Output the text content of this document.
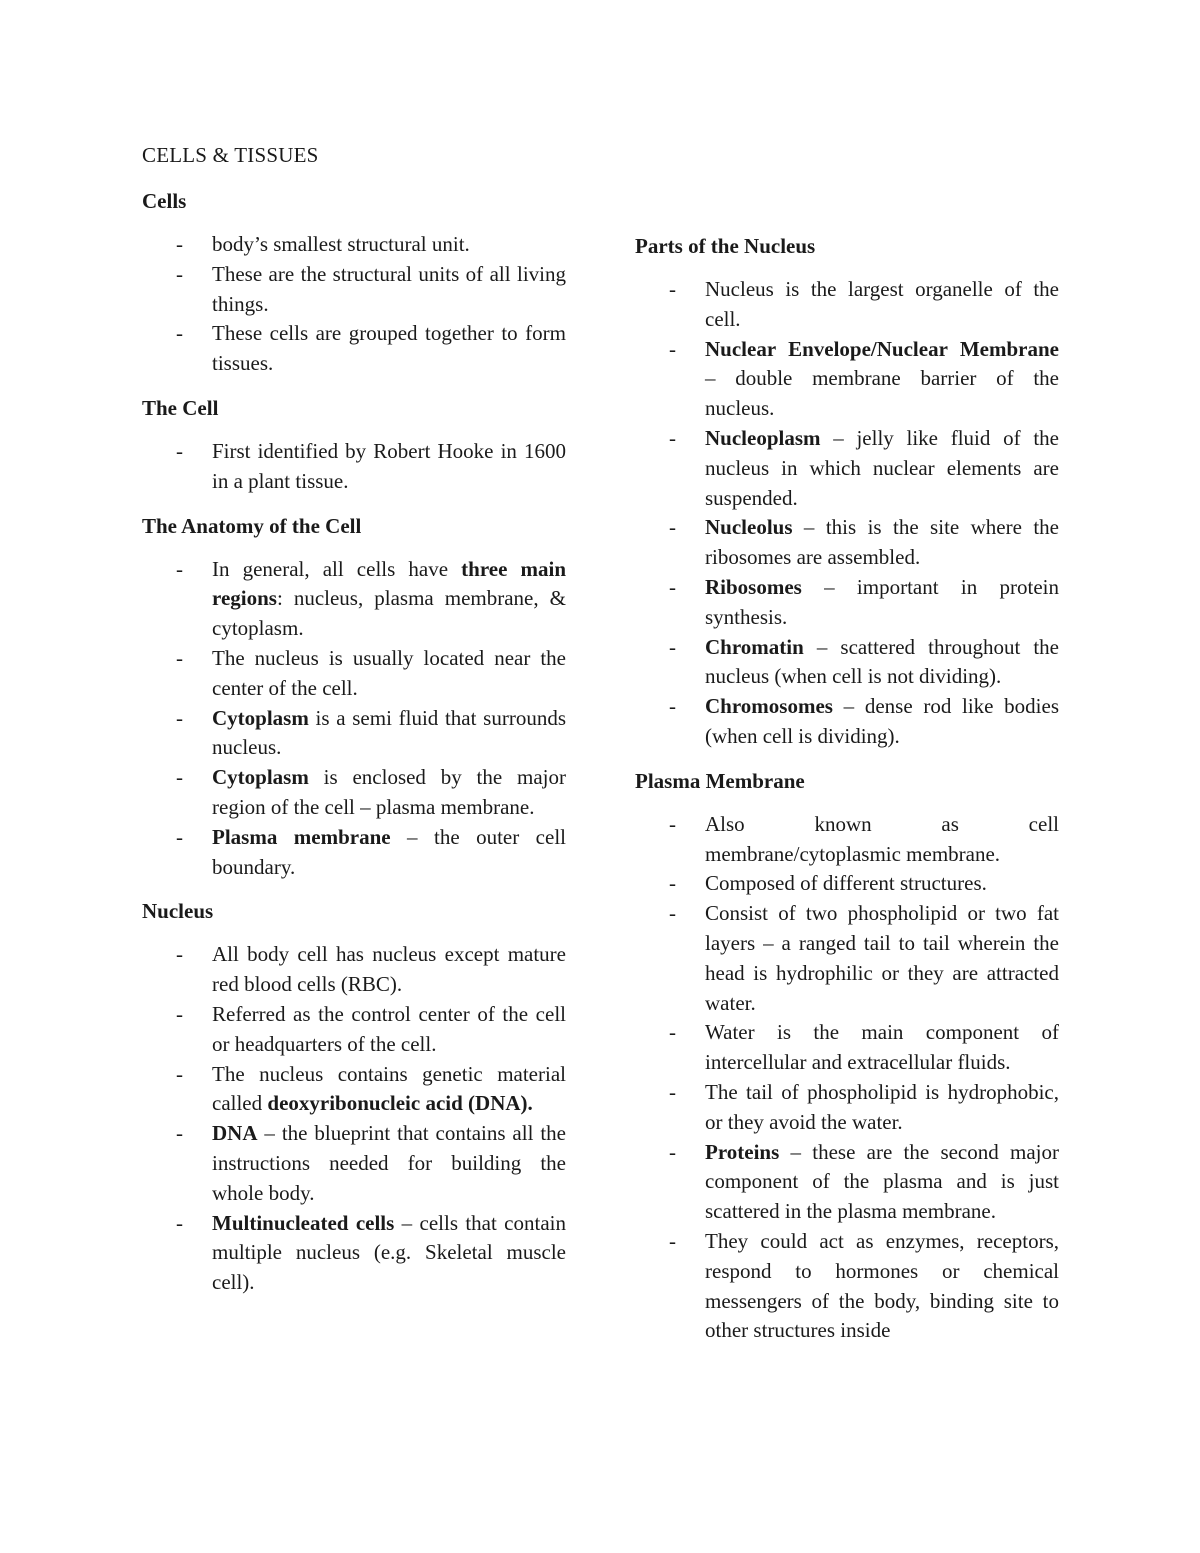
CELLS & TISSUES
Cells
- body’s smallest structural unit.
- These are the structural units of all living things.
- These cells are grouped together to form tissues.
The Cell
- First identified by Robert Hooke in 1600 in a plant tissue.
The Anatomy of the Cell
- In general, all cells have three main regions: nucleus, plasma membrane, & cytoplasm.
- The nucleus is usually located near the center of the cell.
- Cytoplasm is a semi fluid that surrounds nucleus.
- Cytoplasm is enclosed by the major region of the cell – plasma membrane.
- Plasma membrane – the outer cell boundary.
Nucleus
- All body cell has nucleus except mature red blood cells (RBC).
- Referred as the control center of the cell or headquarters of the cell.
- The nucleus contains genetic material called deoxyribonucleic acid (DNA).
- DNA – the blueprint that contains all the instructions needed for building the whole body.
- Multinucleated cells – cells that contain multiple nucleus (e.g. Skeletal muscle cell).
Parts of the Nucleus
- Nucleus is the largest organelle of the cell.
- Nuclear Envelope/Nuclear Membrane – double membrane barrier of the nucleus.
- Nucleoplasm – jelly like fluid of the nucleus in which nuclear elements are suspended.
- Nucleolus – this is the site where the ribosomes are assembled.
- Ribosomes – important in protein synthesis.
- Chromatin – scattered throughout the nucleus (when cell is not dividing).
- Chromosomes – dense rod like bodies (when cell is dividing).
Plasma Membrane
- Also known as cell membrane/cytoplasmic membrane.
- Composed of different structures.
- Consist of two phospholipid or two fat layers – a ranged tail to tail wherein the head is hydrophilic or they are attracted water.
- Water is the main component of intercellular and extracellular fluids.
- The tail of phospholipid is hydrophobic, or they avoid the water.
- Proteins – these are the second major component of the plasma and is just scattered in the plasma membrane.
- They could act as enzymes, receptors, respond to hormones or chemical messengers of the body, binding site to other structures inside
